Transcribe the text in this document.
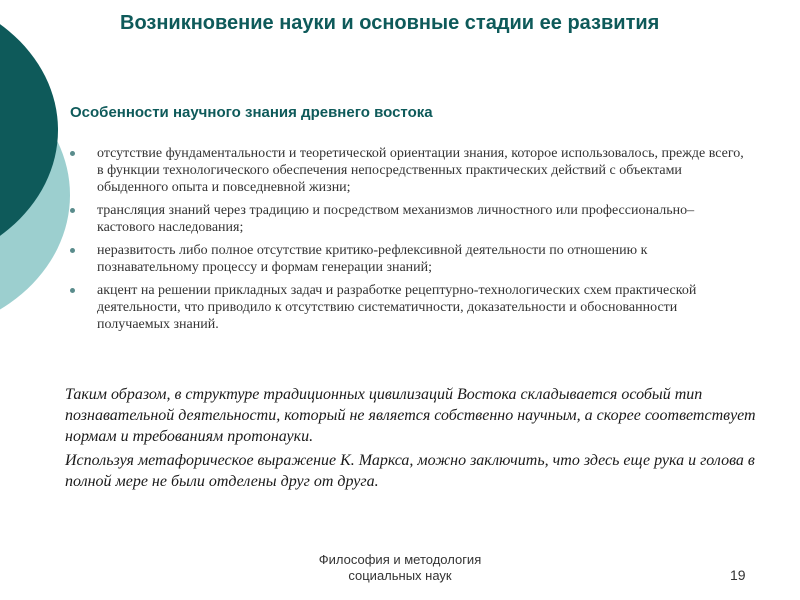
Возникновение науки и основные стадии ее развития
Особенности научного знания древнего востока
отсутствие фундаментальности и теоретической ориентации знания, которое использовалось, прежде всего, в функции технологического обеспечения непосредственных практических действий с объектами обыденного опыта и повседневной жизни;
трансляция знаний через традицию и посредством механизмов личностного или профессионально–кастового наследования;
неразвитость либо полное отсутствие критико-рефлексивной деятельности по отношению к познавательному процессу и формам генерации знаний;
акцент на решении прикладных задач и разработке рецептурно-технологических схем практической деятельности, что приводило к отсутствию систематичности, доказательности и обоснованности получаемых знаний.

Таким образом, в структуре традиционных цивилизаций Востока складывается особый тип познавательной деятельности, который не является собственно научным, а скорее соответствует нормам и требованиям протонауки.

Используя метафорическое выражение К. Маркса, можно заключить, что здесь еще рука и голова в полной мере не были отделены друг от друга.

Философия и методология
социальных наук	19
